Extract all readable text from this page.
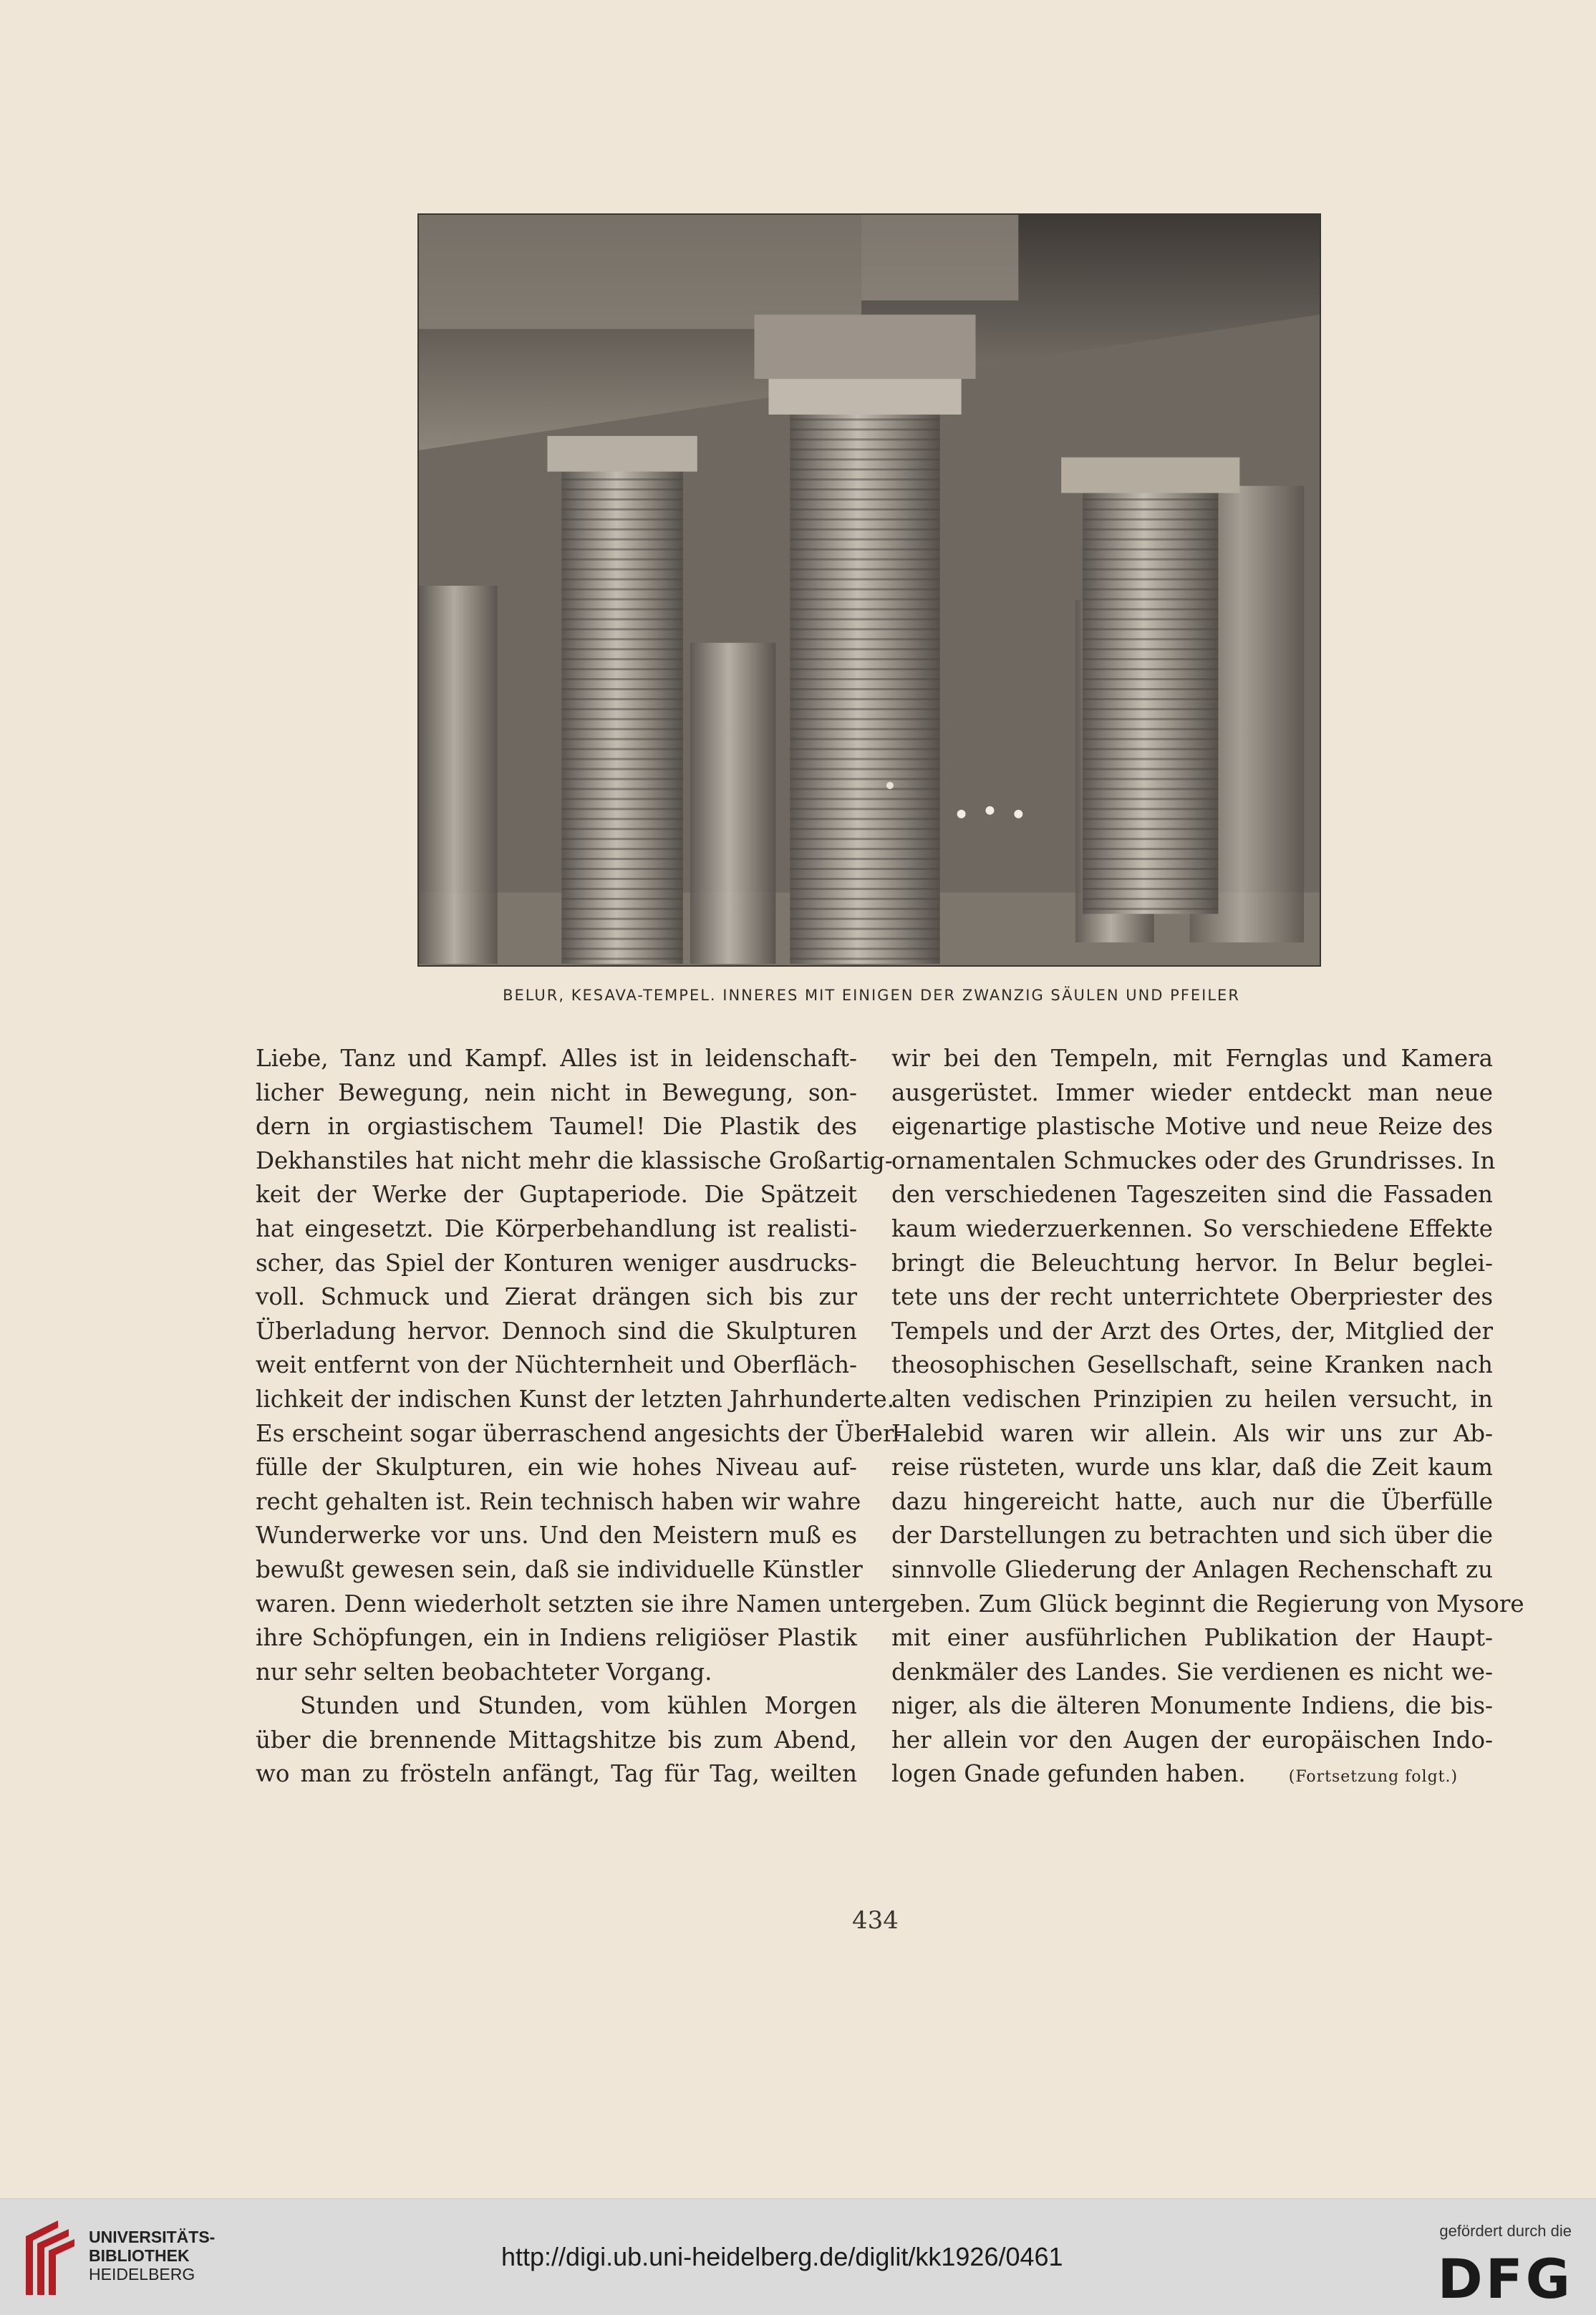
BELUR, KESAVA-TEMPEL. INNERES MIT EINIGEN DER ZWANZIG SÄULEN UND PFEILER
Liebe, Tanz und Kampf. Alles ist in leidenschaft-
licher Bewegung, nein nicht in Bewegung, son-
dern in orgiastischem Taumel! Die Plastik des
Dekhanstiles hat nicht mehr die klassische Großartig-
keit der Werke der Guptaperiode. Die Spätzeit
hat eingesetzt. Die Körperbehandlung ist realisti-
scher, das Spiel der Konturen weniger ausdrucks-
voll. Schmuck und Zierat drängen sich bis zur
Überladung hervor. Dennoch sind die Skulpturen
weit entfernt von der Nüchternheit und Oberfläch-
lichkeit der indischen Kunst der letzten Jahrhunderte.
Es erscheint sogar überraschend angesichts der Über-
fülle der Skulpturen, ein wie hohes Niveau auf-
recht gehalten ist. Rein technisch haben wir wahre
Wunderwerke vor uns. Und den Meistern muß es
bewußt gewesen sein, daß sie individuelle Künstler
waren. Denn wiederholt setzten sie ihre Namen unter
ihre Schöpfungen, ein in Indiens religiöser Plastik
nur sehr selten beobachteter Vorgang.
Stunden und Stunden, vom kühlen Morgen
über die brennende Mittagshitze bis zum Abend,
wo man zu frösteln anfängt, Tag für Tag, weilten
wir bei den Tempeln, mit Fernglas und Kamera
ausgerüstet. Immer wieder entdeckt man neue
eigenartige plastische Motive und neue Reize des
ornamentalen Schmuckes oder des Grundrisses. In
den verschiedenen Tageszeiten sind die Fassaden
kaum wiederzuerkennen. So verschiedene Effekte
bringt die Beleuchtung hervor. In Belur beglei-
tete uns der recht unterrichtete Oberpriester des
Tempels und der Arzt des Ortes, der, Mitglied der
theosophischen Gesellschaft, seine Kranken nach
alten vedischen Prinzipien zu heilen versucht, in
Halebid waren wir allein. Als wir uns zur Ab-
reise rüsteten, wurde uns klar, daß die Zeit kaum
dazu hingereicht hatte, auch nur die Überfülle
der Darstellungen zu betrachten und sich über die
sinnvolle Gliederung der Anlagen Rechenschaft zu
geben. Zum Glück beginnt die Regierung von Mysore
mit einer ausführlichen Publikation der Haupt-
denkmäler des Landes. Sie verdienen es nicht we-
niger, als die älteren Monumente Indiens, die bis-
her allein vor den Augen der europäischen Indo-
logen Gnade gefunden haben.	(Fortsetzung folgt.)
434
UNIVERSITÄTS-
BIBLIOTHEK
HEIDELBERG
http://digi.ub.uni-heidelberg.de/diglit/kk1926/0461
gefördert durch die
DFG
